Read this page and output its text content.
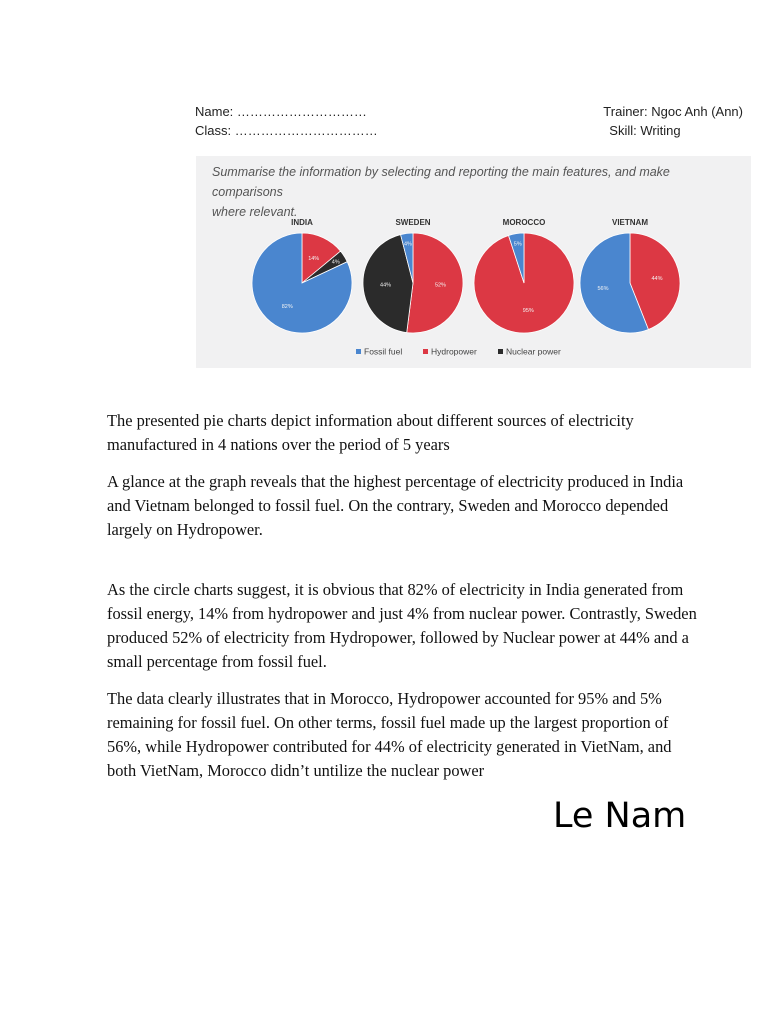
Name: …………………………
Class: ……………………………
Trainer: Ngoc Anh (Ann)
Skill: Writing
Summarise the information by selecting and reporting the main features, and make comparisons
where relevant.
INDIA
14%
4%
82%
SWEDEN
52%
44%
4%
MOROCCO
95%
5%
VIETNAM
44%
56%
Fossil fuel	Hydropower	Nuclear power

The presented pie charts depict information about different sources of electricity manufactured in 4 nations over the period of 5 years

A glance at the graph reveals that the highest percentage of electricity produced in India and Vietnam belonged to fossil fuel. On the contrary, Sweden and Morocco depended largely on Hydropower.

As the circle charts suggest, it is obvious that 82% of electricity in India generated from fossil energy, 14% from hydropower and just 4% from nuclear power. Contrastly, Sweden produced 52% of electricity from Hydropower, followed by Nuclear power at 44% and a small percentage from fossil fuel.

The data clearly illustrates that in Morocco, Hydropower accounted for 95% and 5% remaining for fossil fuel. On other terms, fossil fuel made up the largest proportion of 56%, while Hydropower contributed for 44% of electricity generated in VietNam, and both VietNam, Morocco didn’t untilize the nuclear power

Le Nam
